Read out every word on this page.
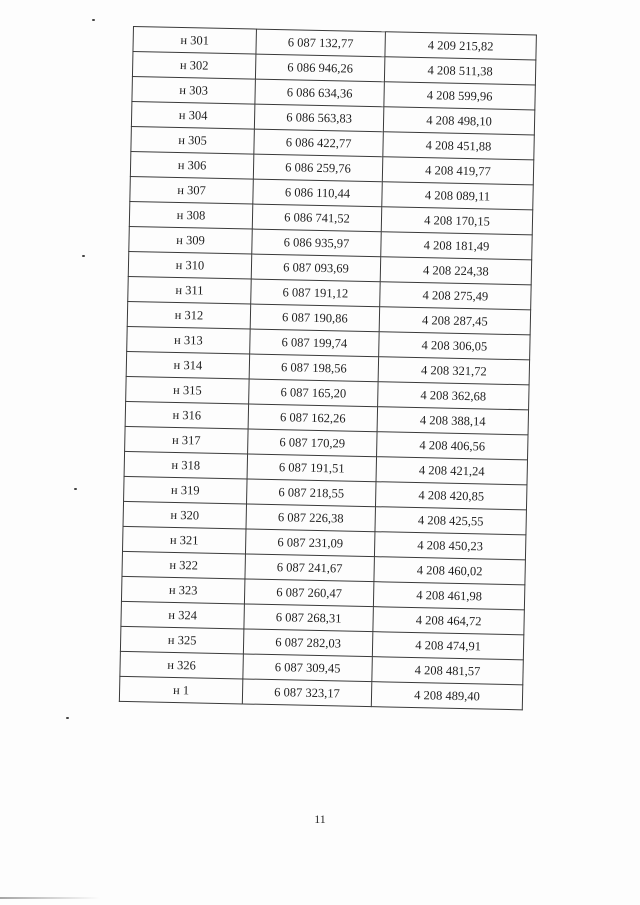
н 301	6 087 132,77	4 209 215,82
н 302	6 086 946,26	4 208 511,38
н 303	6 086 634,36	4 208 599,96
н 304	6 086 563,83	4 208 498,10
н 305	6 086 422,77	4 208 451,88
н 306	6 086 259,76	4 208 419,77
н 307	6 086 110,44	4 208 089,11
н 308	6 086 741,52	4 208 170,15
н 309	6 086 935,97	4 208 181,49
н 310	6 087 093,69	4 208 224,38
н 311	6 087 191,12	4 208 275,49
н 312	6 087 190,86	4 208 287,45
н 313	6 087 199,74	4 208 306,05
н 314	6 087 198,56	4 208 321,72
н 315	6 087 165,20	4 208 362,68
н 316	6 087 162,26	4 208 388,14
н 317	6 087 170,29	4 208 406,56
н 318	6 087 191,51	4 208 421,24
н 319	6 087 218,55	4 208 420,85
н 320	6 087 226,38	4 208 425,55
н 321	6 087 231,09	4 208 450,23
н 322	6 087 241,67	4 208 460,02
н 323	6 087 260,47	4 208 461,98
н 324	6 087 268,31	4 208 464,72
н 325	6 087 282,03	4 208 474,91
н 326	6 087 309,45	4 208 481,57
н 1	6 087 323,17	4 208 489,40
11
